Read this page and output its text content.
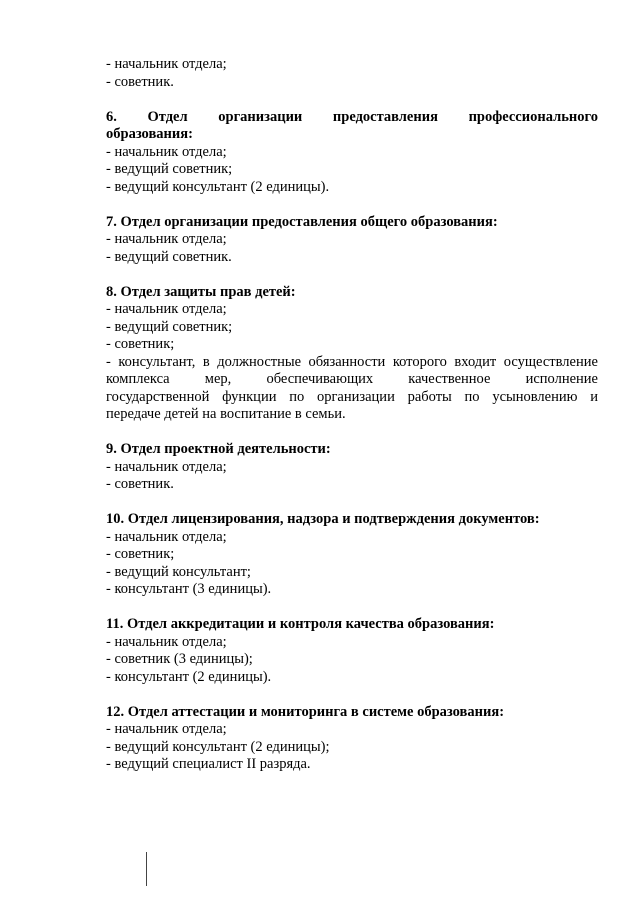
- начальник отдела;
- советник.
6. Отдел организации предоставления профессионального
образования:
- начальник отдела;
- ведущий советник;
- ведущий консультант (2 единицы).
7. Отдел организации предоставления общего образования:
- начальник отдела;
- ведущий советник.
8. Отдел защиты прав детей:
- начальник отдела;
- ведущий советник;
- советник;
- консультант, в должностные обязанности которого входит осуществление
комплекса мер, обеспечивающих качественное исполнение
государственной функции по организации работы по усыновлению и
передаче детей на воспитание в семьи.
9. Отдел проектной деятельности:
- начальник отдела;
- советник.
10. Отдел лицензирования, надзора и подтверждения документов:
- начальник отдела;
- советник;
- ведущий консультант;
- консультант (3 единицы).
11. Отдел аккредитации и контроля качества образования:
- начальник отдела;
- советник (3 единицы);
- консультант (2 единицы).
12. Отдел аттестации и мониторинга в системе образования:
- начальник отдела;
- ведущий консультант (2 единицы);
- ведущий специалист II разряда.
